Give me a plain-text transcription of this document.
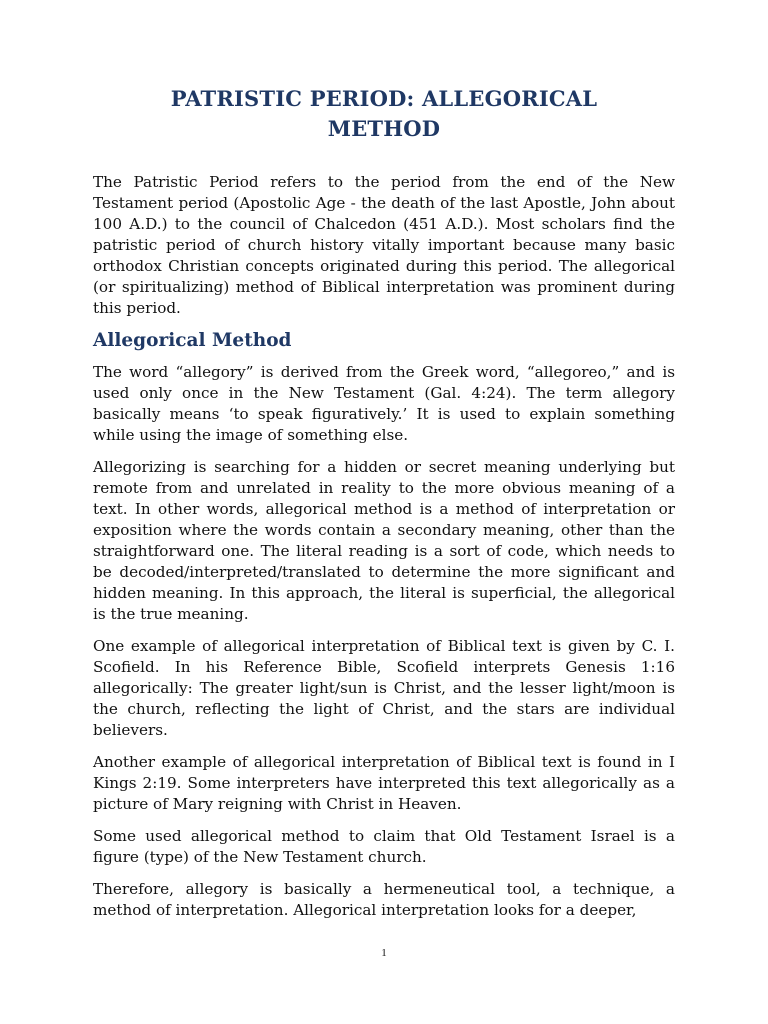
PATRISTIC PERIOD: ALLEGORICAL METHOD

The Patristic Period refers to the period from the end of the New Testament period (Apostolic Age - the death of the last Apostle, John about 100 A.D.) to the council of Chalcedon (451 A.D.). Most scholars find the patristic period of church history vitally important because many basic orthodox Christian concepts originated during this period. The allegorical (or spiritualizing) method of Biblical interpretation was prominent during this period.

Allegorical Method

The word “allegory” is derived from the Greek word, “allegoreo,” and is used only once in the New Testament (Gal. 4:24). The term allegory basically means ‘to speak figuratively.’ It is used to explain something while using the image of something else.

Allegorizing is searching for a hidden or secret meaning underlying but remote from and unrelated in reality to the more obvious meaning of a text. In other words, allegorical method is a method of interpretation or exposition where the words contain a secondary meaning, other than the straightforward one. The literal reading is a sort of code, which needs to be decoded/interpreted/translated to determine the more significant and hidden meaning. In this approach, the literal is superficial, the allegorical is the true meaning.

One example of allegorical interpretation of Biblical text is given by C. I. Scofield. In his Reference Bible, Scofield interprets Genesis 1:16 allegorically: The greater light/sun is Christ, and the lesser light/moon is the church, reflecting the light of Christ, and the stars are individual believers.

Another example of allegorical interpretation of Biblical text is found in I Kings 2:19. Some interpreters have interpreted this text allegorically as a picture of Mary reigning with Christ in Heaven.

Some used allegorical method to claim that Old Testament Israel is a figure (type) of the New Testament church.

Therefore, allegory is basically a hermeneutical tool, a technique, a method of interpretation. Allegorical interpretation looks for a deeper,

1
